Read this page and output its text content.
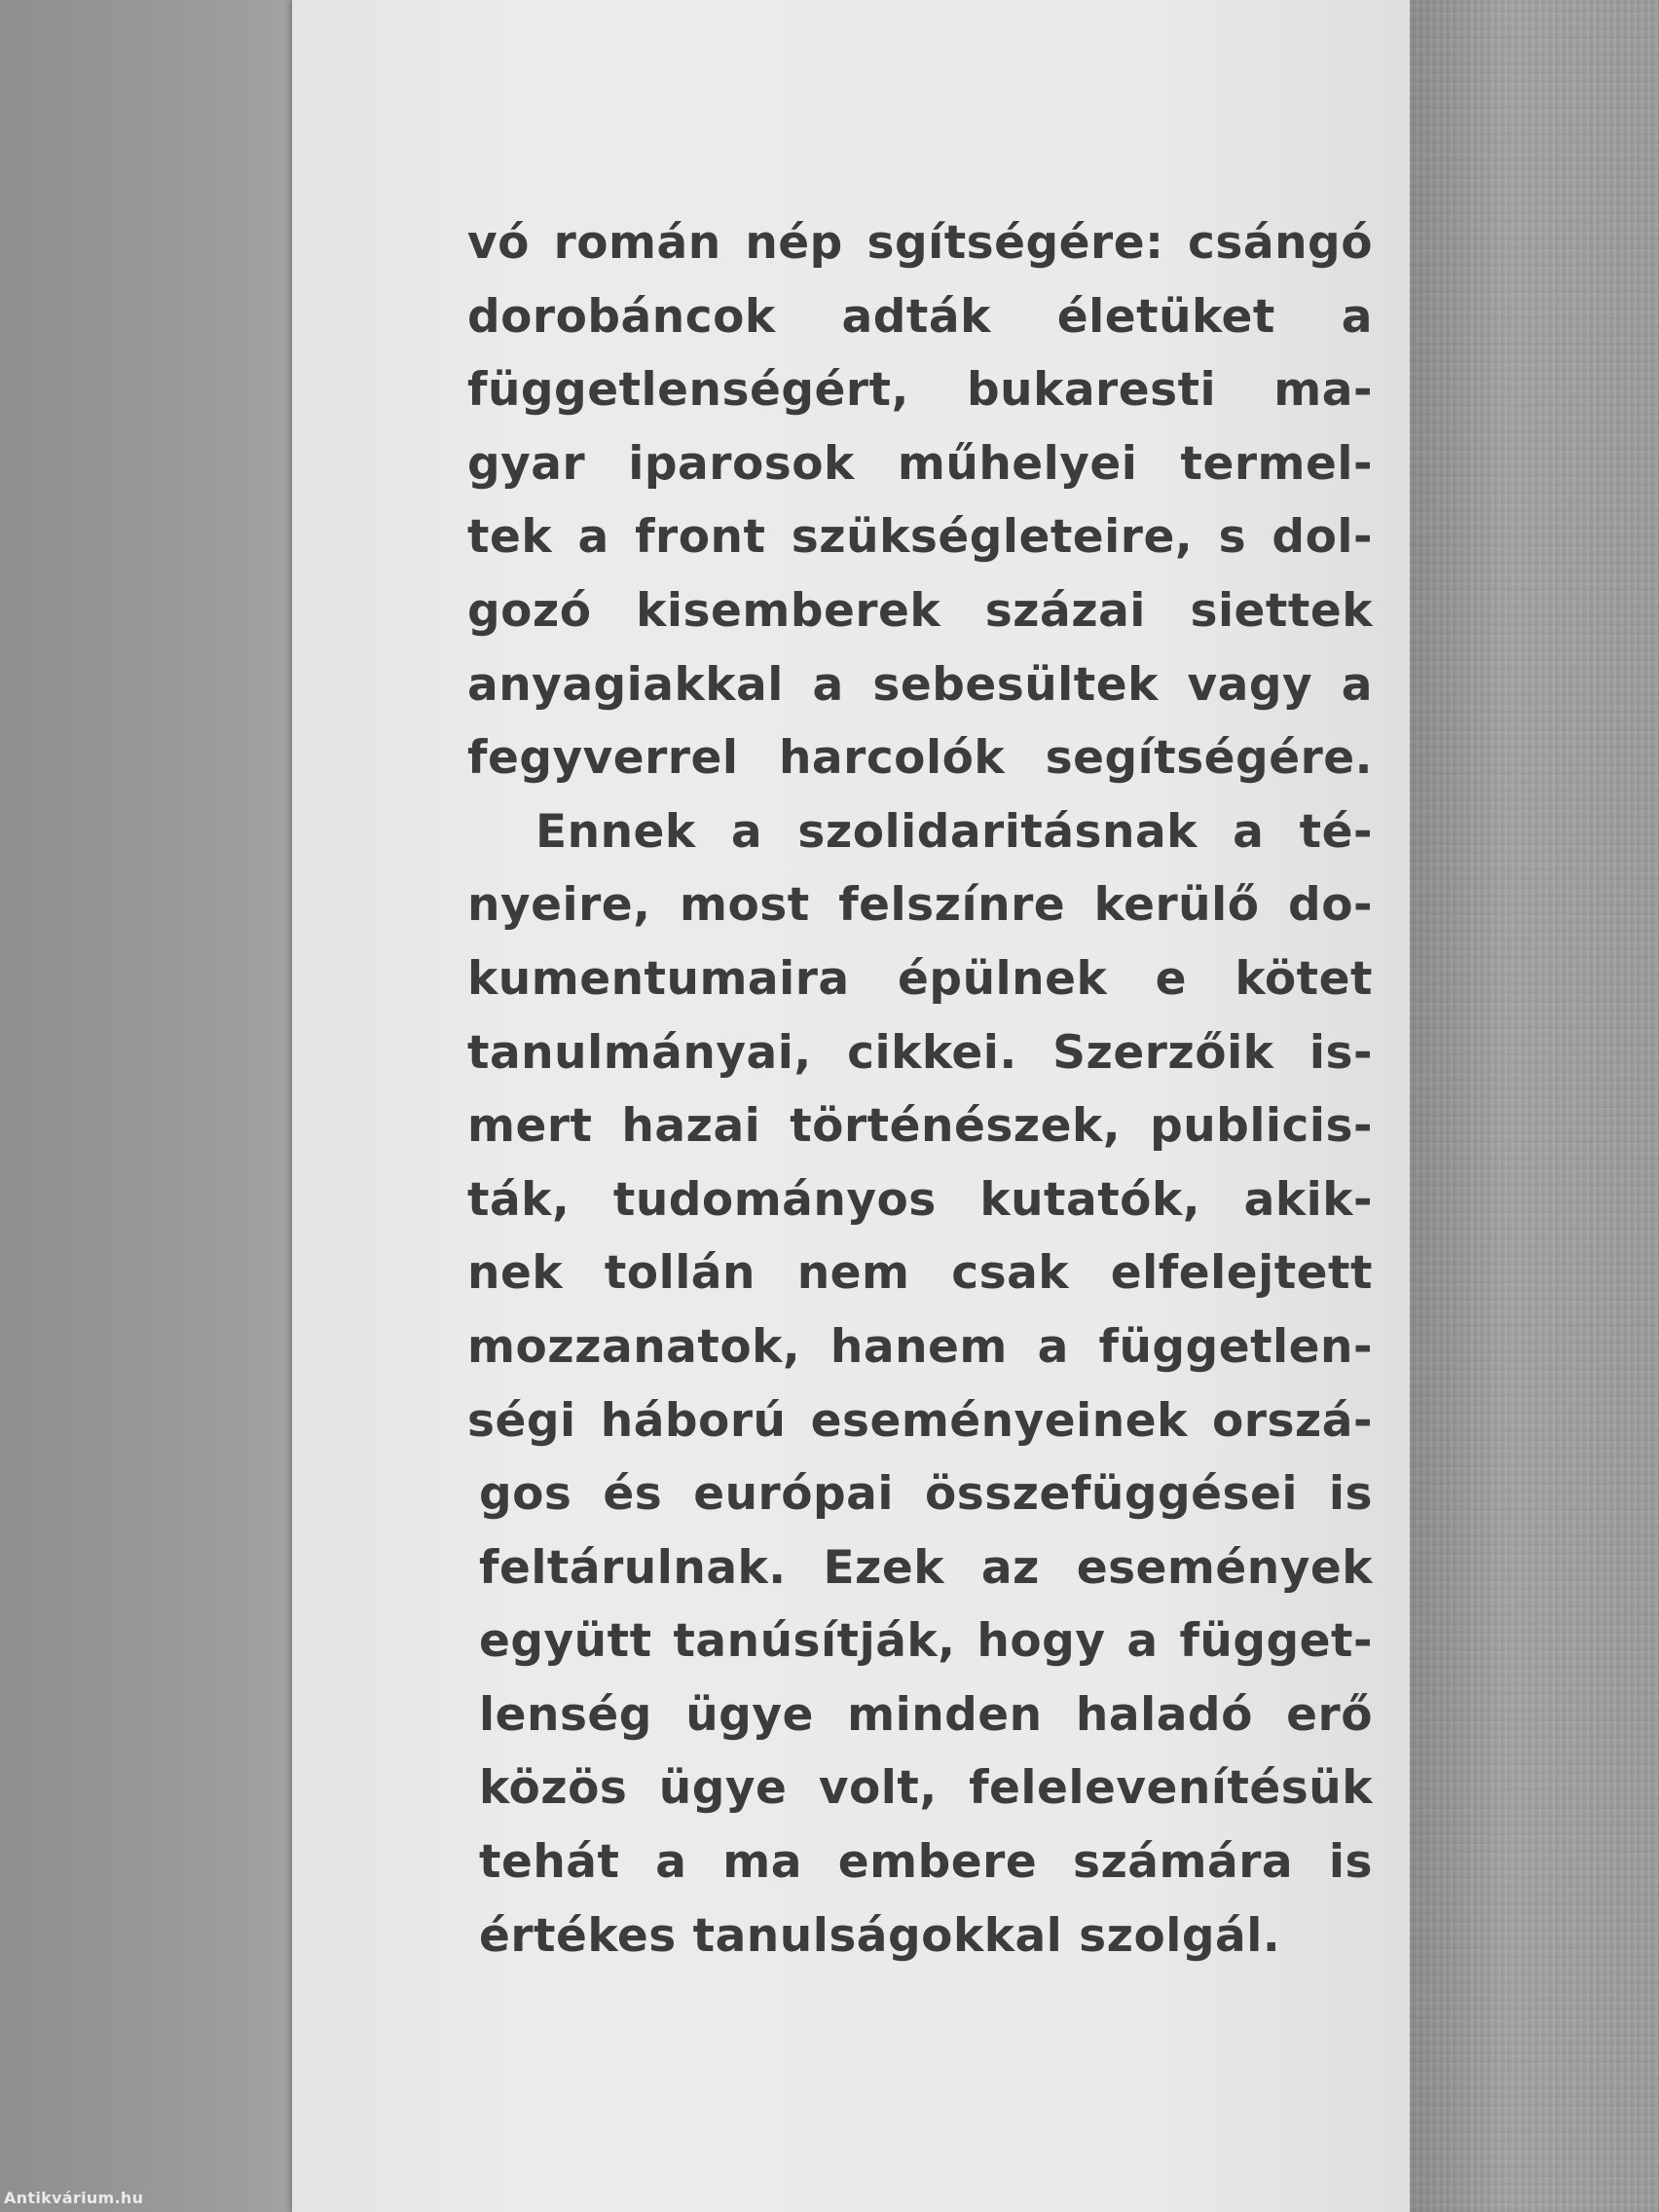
vó román nép sgítségére: csángó
dorobáncok adták életüket a
függetlenségért, bukaresti ma-
gyar iparosok műhelyei termel-
tek a front szükségleteire, s dol-
gozó kisemberek százai siettek
anyagiakkal a sebesültek vagy a
fegyverrel harcolók segítségére.
Ennek a szolidaritásnak a té-
nyeire, most felszínre kerülő do-
kumentumaira épülnek e kötet
tanulmányai, cikkei. Szerzőik is-
mert hazai történészek, publicis-
ták, tudományos kutatók, akik-
nek tollán nem csak elfelejtett
mozzanatok, hanem a független-
ségi háború eseményeinek orszá-
gos és európai összefüggései is
feltárulnak. Ezek az események
együtt tanúsítják, hogy a függet-
lenség ügye minden haladó erő
közös ügye volt, felelevenítésük
tehát a ma embere számára is
értékes tanulságokkal szolgál.
Antikvárium.hu
